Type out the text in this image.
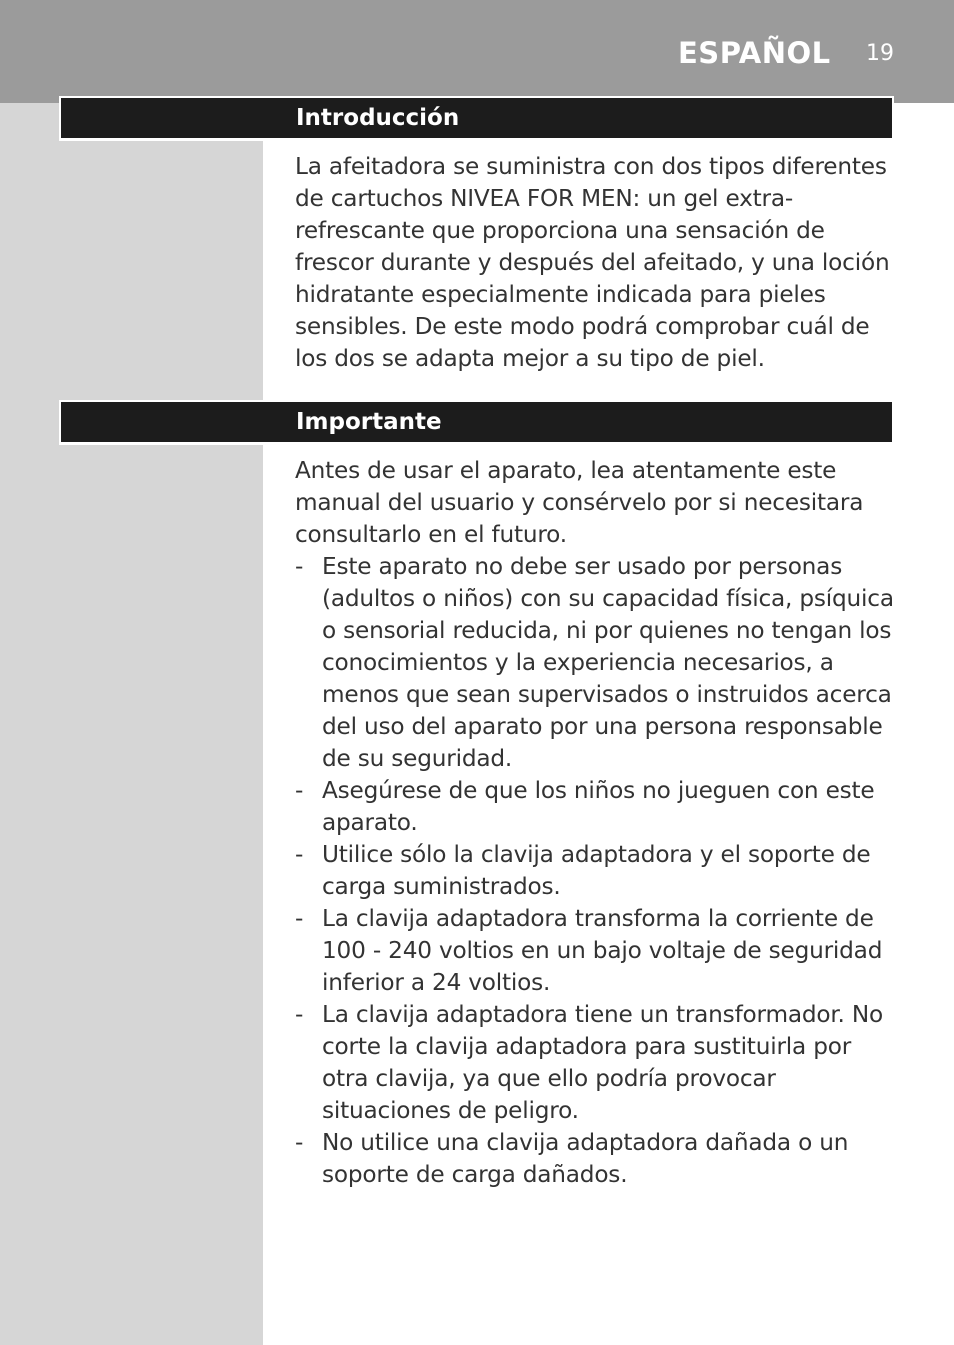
ESPAÑOL 19
Introducción

La afeitadora se suministra con dos tipos diferentes de cartuchos NIVEA FOR MEN: un gel extra-refrescante que proporciona una sensación de frescor durante y después del afeitado, y una loción hidratante especialmente indicada para pieles sensibles. De este modo podrá comprobar cuál de los dos se adapta mejor a su tipo de piel.

Importante

Antes de usar el aparato, lea atentamente este manual del usuario y consérvelo por si necesitara consultarlo en el futuro.

- Este aparato no debe ser usado por personas (adultos o niños) con su capacidad física, psíquica o sensorial reducida, ni por quienes no tengan los conocimientos y la experiencia necesarios, a menos que sean supervisados o instruidos acerca del uso del aparato por una persona responsable de su seguridad.
- Asegúrese de que los niños no jueguen con este aparato.
- Utilice sólo la clavija adaptadora y el soporte de carga suministrados.
- La clavija adaptadora transforma la corriente de 100 - 240 voltios en un bajo voltaje de seguridad inferior a 24 voltios.
- La clavija adaptadora tiene un transformador. No corte la clavija adaptadora para sustituirla por otra clavija, ya que ello podría provocar situaciones de peligro.
- No utilice una clavija adaptadora dañada o un soporte de carga dañados.
